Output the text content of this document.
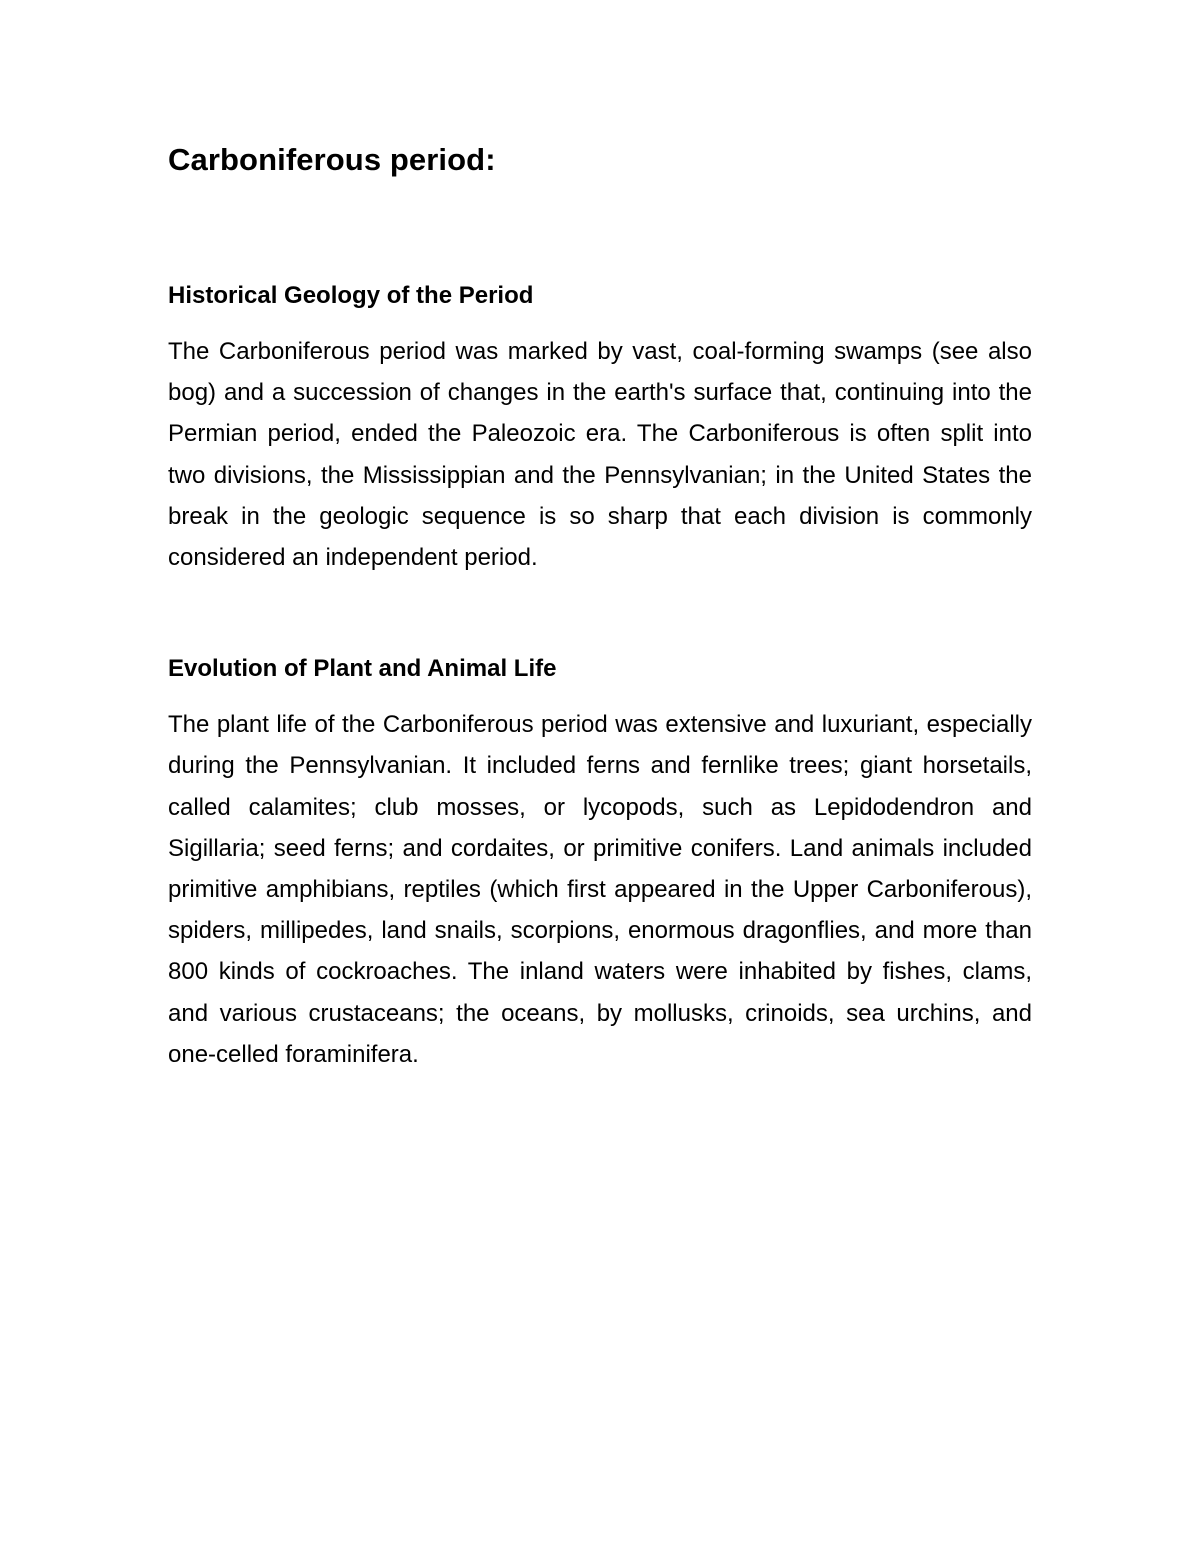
Carboniferous period:
Historical Geology of the Period

The Carboniferous period was marked by vast, coal-forming swamps (see also bog) and a succession of changes in the earth's surface that, continuing into the Permian period, ended the Paleozoic era. The Carboniferous is often split into two divisions, the Mississippian and the Pennsylvanian; in the United States the break in the geologic sequence is so sharp that each division is commonly considered an independent period.

Evolution of Plant and Animal Life

The plant life of the Carboniferous period was extensive and luxuriant, especially during the Pennsylvanian. It included ferns and fernlike trees; giant horsetails, called calamites; club mosses, or lycopods, such as Lepidodendron and Sigillaria; seed ferns; and cordaites, or primitive conifers. Land animals included primitive amphibians, reptiles (which first appeared in the Upper Carboniferous), spiders, millipedes, land snails, scorpions, enormous dragonflies, and more than 800 kinds of cockroaches. The inland waters were inhabited by fishes, clams, and various crustaceans; the oceans, by mollusks, crinoids, sea urchins, and one-celled foraminifera.
